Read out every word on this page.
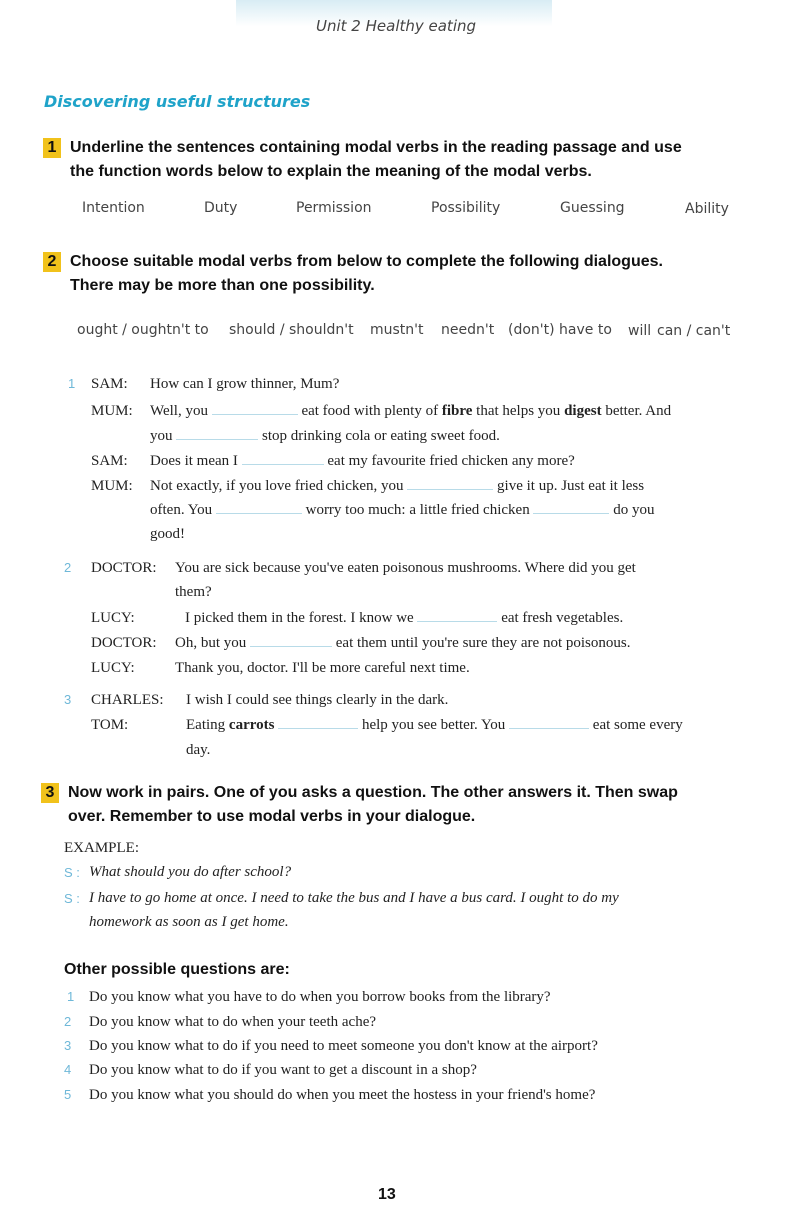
Unit 2 Healthy eating
Discovering useful structures
1 Underline the sentences containing modal verbs in the reading passage and use
the function words below to explain the meaning of the modal verbs.
Intention	Duty	Permission	Possibility	Guessing	Ability
2 Choose suitable modal verbs from below to complete the following dialogues.
There may be more than one possibility.
ought / oughtn't to should / shouldn't mustn't needn't (don't) have to will can / can't
1 SAM: How can I grow thinner, Mum?
MUM: Well, you	eat food with plenty of fibre that helps you digest better. And
you	stop drinking cola or eating sweet food.
SAM: Does it mean I	eat my favourite fried chicken any more?
MUM: Not exactly, if you love fried chicken, you	give it up. Just eat it less
often. You	worry too much: a little fried chicken	do you
good!
2 DOCTOR: You are sick because you've eaten poisonous mushrooms. Where did you get
them?
LUCY:	I picked them in the forest. I know we	eat fresh vegetables.
DOCTOR: Oh, but you	eat them until you're sure they are not poisonous.
LUCY:	Thank you, doctor. I'll be more careful next time.
3 CHARLES: I wish I could see things clearly in the dark.
TOM:	Eating carrots	help you see better. You	eat some every
day.
3 Now work in pairs. One of you asks a question. The other answers it. Then swap
over. Remember to use modal verbs in your dialogue.
EXAMPLE:
S : What should you do after school?
S : I have to go home at once. I need to take the bus and I have a bus card. I ought to do my
homework as soon as I get home.
Other possible questions are:
1 Do you know what you have to do when you borrow books from the library?
2 Do you know what to do when your teeth ache?
3 Do you know what to do if you need to meet someone you don't know at the airport?
4 Do you know what to do if you want to get a discount in a shop?
5 Do you know what you should do when you meet the hostess in your friend's home?
13
